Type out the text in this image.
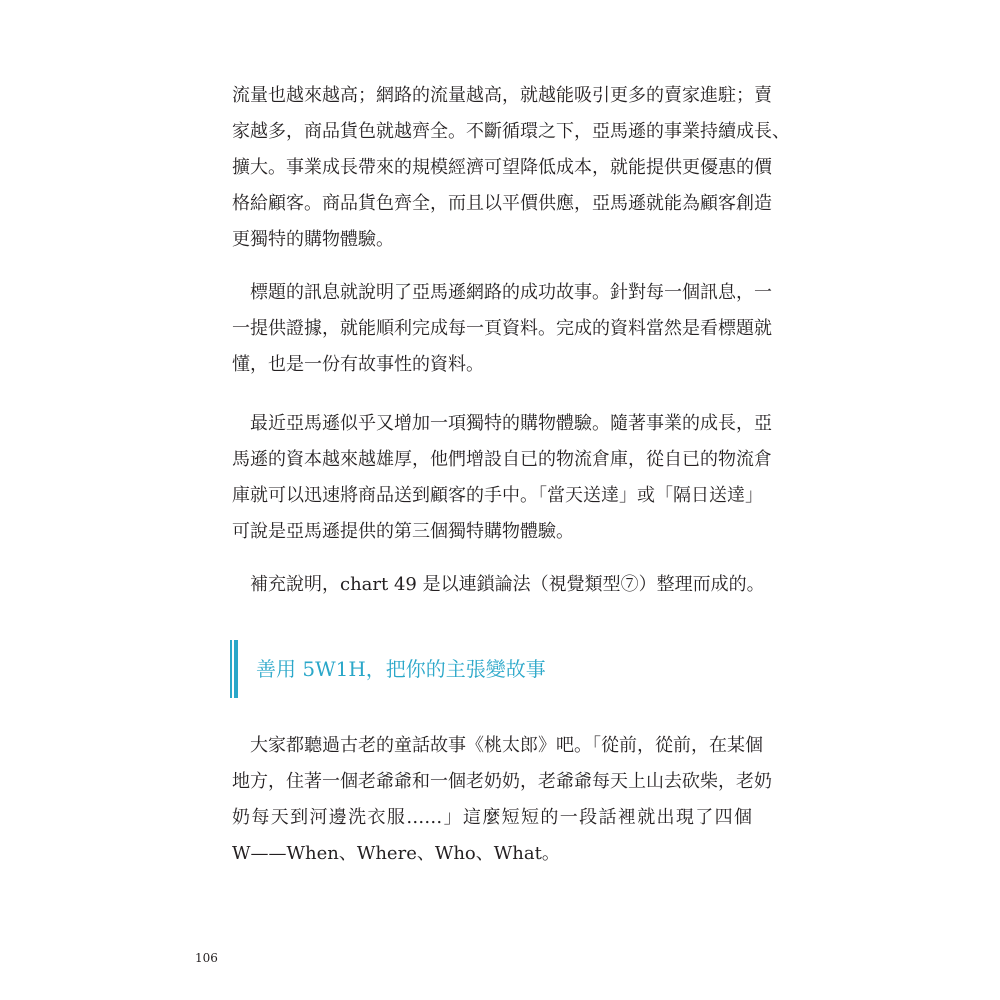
流量也越來越高；網路的流量越高，就越能吸引更多的賣家進駐；賣
家越多，商品貨色就越齊全。不斷循環之下，亞馬遜的事業持續成長、
擴大。事業成長帶來的規模經濟可望降低成本，就能提供更優惠的價
格給顧客。商品貨色齊全，而且以平價供應，亞馬遜就能為顧客創造
更獨特的購物體驗。
　標題的訊息就說明了亞馬遜網路的成功故事。針對每一個訊息，一
一提供證據，就能順利完成每一頁資料。完成的資料當然是看標題就
懂，也是一份有故事性的資料。
　最近亞馬遜似乎又增加一項獨特的購物體驗。隨著事業的成長，亞
馬遜的資本越來越雄厚，他們增設自已的物流倉庫，從自已的物流倉
庫就可以迅速將商品送到顧客的手中。「當天送達」或「隔日送達」
可說是亞馬遜提供的第三個獨特購物體驗。
　補充說明，chart 49 是以連鎖論法（視覺類型⑦）整理而成的。
善用 5W1H，把你的主張變故事
　大家都聽過古老的童話故事《桃太郎》吧。「從前，從前，在某個
地方，住著一個老爺爺和一個老奶奶，老爺爺每天上山去砍柴，老奶
奶每天到河邊洗衣服……」這麼短短的一段話裡就出現了四個
W——When、Where、Who、What。
106
